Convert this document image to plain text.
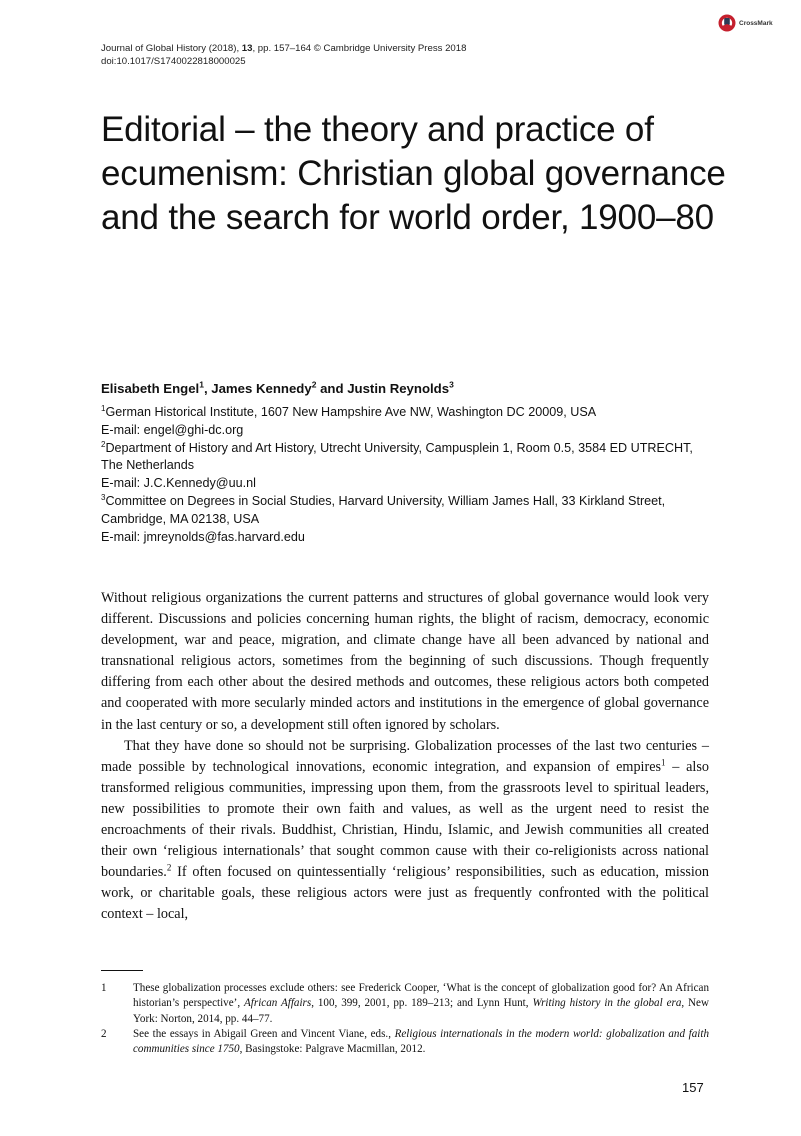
Journal of Global History (2018), 13, pp. 157–164 © Cambridge University Press 2018
doi:10.1017/S1740022818000025
CrossMark
Editorial – the theory and practice of ecumenism: Christian global governance and the search for world order, 1900–80
Elisabeth Engel$^1$, James Kennedy$^2$ and Justin Reynolds$^3$

$^1$German Historical Institute, 1607 New Hampshire Ave NW, Washington DC 20009, USA

E-mail: engel@ghi-dc.org

$^2$Department of History and Art History, Utrecht University, Campusplein 1, Room 0.5, 3584 ED UTRECHT, The Netherlands

E-mail: J.C.Kennedy@uu.nl

$^3$Committee on Degrees in Social Studies, Harvard University, William James Hall, 33 Kirkland Street, Cambridge, MA 02138, USA

E-mail: jmreynolds@fas.harvard.edu

Without religious organizations the current patterns and structures of global governance would look very different. Discussions and policies concerning human rights, the blight of racism, democracy, economic development, war and peace, migration, and climate change have all been advanced by national and transnational religious actors, sometimes from the beginning of such discussions. Though frequently differing from each other about the desired methods and outcomes, these religious actors both competed and cooperated with more secularly minded actors and institutions in the emergence of global governance in the last century or so, a development still often ignored by scholars.

That they have done so should not be surprising. Globalization processes of the last two centuries – made possible by technological innovations, economic integration, and expansion of empires$^1$ – also transformed religious communities, impressing upon them, from the grassroots level to spiritual leaders, new possibilities to promote their own faith and values, as well as the urgent need to resist the encroachments of their rivals. Buddhist, Christian, Hindu, Islamic, and Jewish communities all created their own ‘religious internationals’ that sought common cause with their co-religionists across national boundaries.$^2$ If often focused on quintessentially ‘religious’ responsibilities, such as education, mission work, or charitable goals, these religious actors were just as frequently confronted with the political context – local,

1	These globalization processes exclude others: see Frederick Cooper, ‘What is the concept of globalization good for? An African historian’s perspective’, African Affairs, 100, 399, 2001, pp. 189–213; and Lynn Hunt, Writing history in the global era, New York: Norton, 2014, pp. 44–77.
2	See the essays in Abigail Green and Vincent Viane, eds., Religious internationals in the modern world: globalization and faith communities since 1750, Basingstoke: Palgrave Macmillan, 2012.
157
